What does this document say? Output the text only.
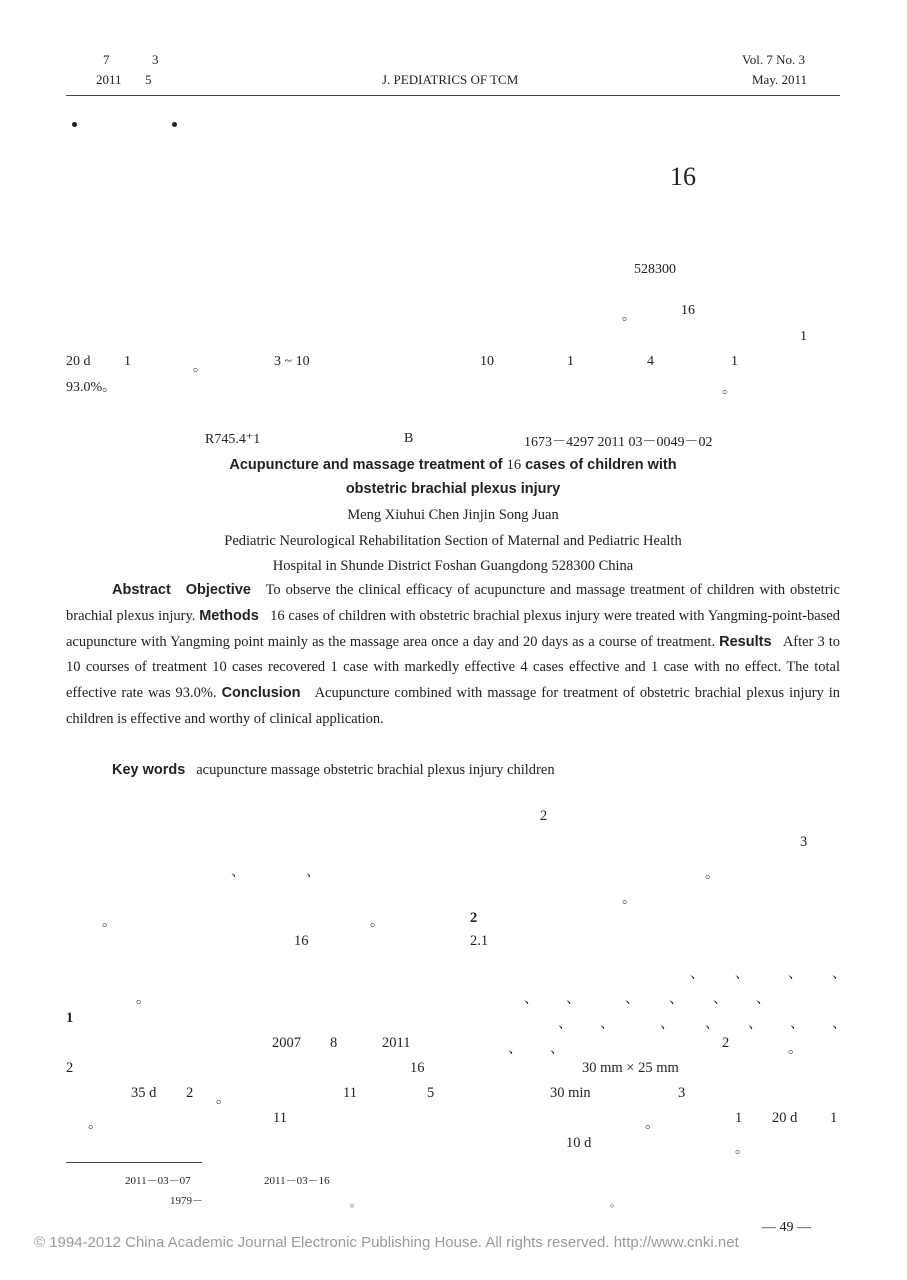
7	3
2011 5	J. PEDIATRICS OF TCM
Vol. 7 No. 3
May. 2011
16
528300
。	16
1
20 d 1	。	3 ~ 10	10	1	4	1
93.0%。	。
R745.4⁺1	B	1673－4297 2011 03－0049－02
Acupuncture and massage treatment of 16 cases of children with
obstetric brachial plexus injury
Meng Xiuhui Chen Jinjin Song Juan
Pediatric Neurological Rehabilitation Section of Maternal and Pediatric Health
Hospital in Shunde District Foshan Guangdong 528300 China

Abstract Objective To observe the clinical efficacy of acupuncture and massage treatment of children with obstetric brachial plexus injury. Methods 16 cases of children with obstetric brachial plexus injury were treated with Yangming-point-based acupuncture with Yangming point mainly as the massage area once a day and 20 days as a course of treatment. Results After 3 to 10 courses of treatment 10 cases recovered 1 case with markedly effective 4 cases effective and 1 case with no effect. The total effective rate was 93.0%. Conclusion Acupuncture combined with massage for treatment of obstetric brachial plexus injury in children is effective and worthy of clinical application.

Key words acupuncture massage obstetric brachial plexus injury children
、	、
。	。
16
。
1
2007 8	2011
2	16
35 d 2 。	11	5
。	11
2
3
。
。
2
2.1
、 、	、 、
、 、	、 、 、 、
、 、	、 、 、 、 、
、 、	2	。
30 mm × 25 mm
30 min	3
。	1 20 d 1
10 d	。
2011－03－07	2011－03－16
1979－	。	。
— 49 —
© 1994-2012 China Academic Journal Electronic Publishing House. All rights reserved. http://www.cnki.net
